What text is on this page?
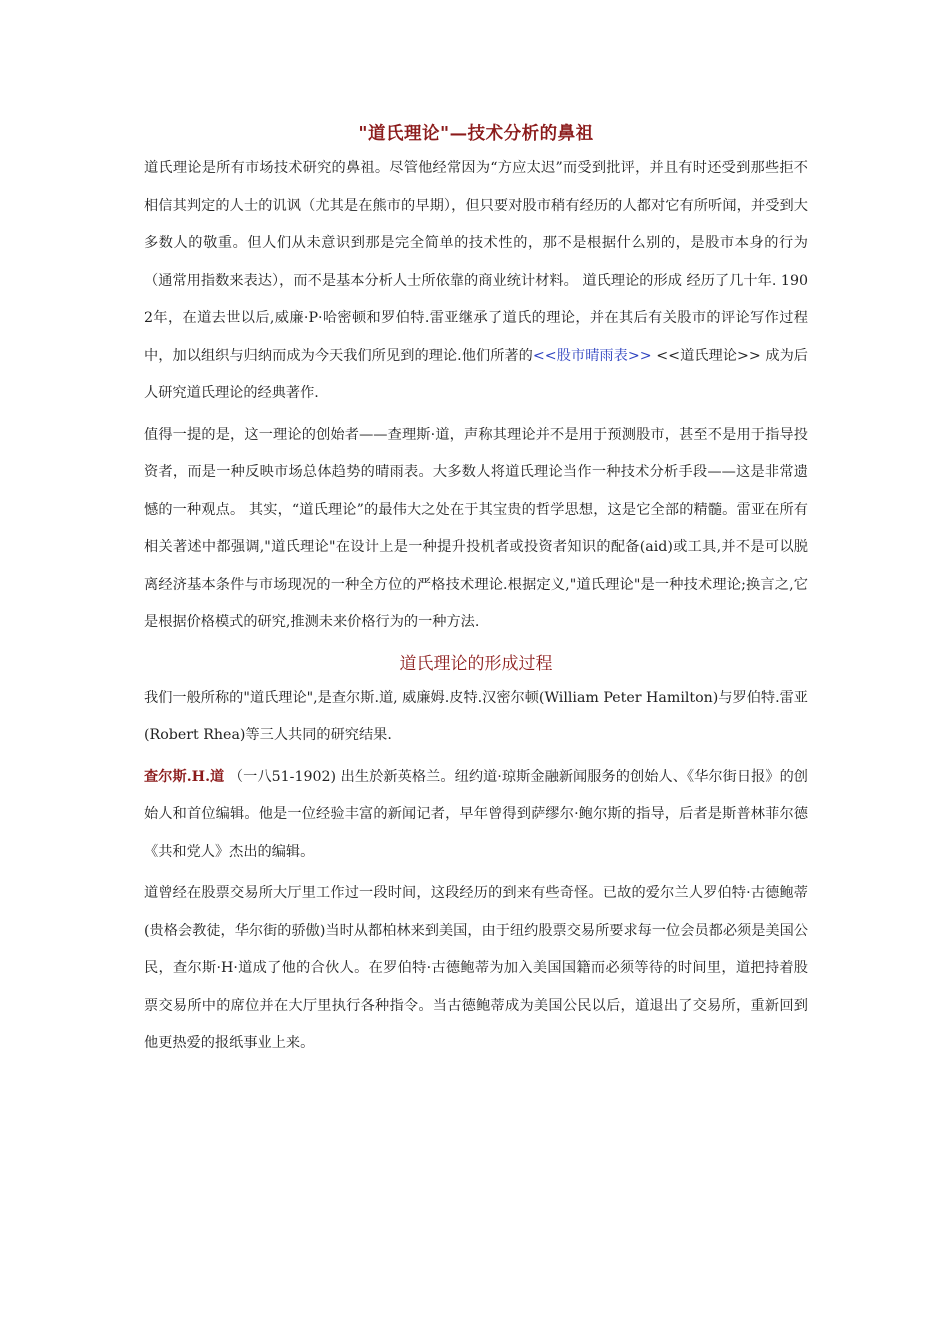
"道氏理论"—技术分析的鼻祖

道氏理论是所有市场技术研究的鼻祖。尽管他经常因为“方应太迟”而受到批评，并且有时还受到那些拒不相信其判定的人士的讥讽（尤其是在熊市的早期），但只要对股市稍有经历的人都对它有所听闻，并受到大多数人的敬重。但人们从未意识到那是完全简单的技术性的，那不是根据什么别的，是股市本身的行为（通常用指数来表达），而不是基本分析人士所依靠的商业统计材料。 道氏理论的形成 经历了几十年. 1902年，在道去世以后,威廉·P·哈密顿和罗伯特.雷亚继承了道氏的理论，并在其后有关股市的评论写作过程中，加以组织与归纳而成为今天我们所见到的理论.他们所著的<<股市晴雨表>> <<道氏理论>> 成为后人研究道氏理论的经典著作.

值得一提的是，这一理论的创始者——查理斯·道，声称其理论并不是用于预测股市，甚至不是用于指导投资者，而是一种反映市场总体趋势的晴雨表。大多数人将道氏理论当作一种技术分析手段——这是非常遗憾的一种观点。 其实，“道氏理论”的最伟大之处在于其宝贵的哲学思想，这是它全部的精髓。雷亚在所有相关著述中都强调,"道氏理论"在设计上是一种提升投机者或投资者知识的配备(aid)或工具,并不是可以脱离经济基本条件与市场现况的一种全方位的严格技术理论.根据定义,"道氏理论"是一种技术理论;换言之,它是根据价格模式的研究,推测未来价格行为的一种方法.

道氏理论的形成过程

我们一般所称的"道氏理论",是查尔斯.道, 威廉姆.皮特.汉密尔顿(William Peter Hamilton)与罗伯特.雷亚(Robert Rhea)等三人共同的研究结果.

查尔斯.H.道 （一八51-1902) 出生於新英格兰。纽约道·琼斯金融新闻服务的创始人、《华尔街日报》的创始人和首位编辑。他是一位经验丰富的新闻记者，早年曾得到萨缪尔·鲍尔斯的指导，后者是斯普林菲尔德《共和党人》杰出的编辑。

道曾经在股票交易所大厅里工作过一段时间，这段经历的到来有些奇怪。已故的爱尔兰人罗伯特·古德鲍蒂(贵格会教徒，华尔街的骄傲)当时从都柏林来到美国，由于纽约股票交易所要求每一位会员都必须是美国公民，查尔斯·H·道成了他的合伙人。在罗伯特·古德鲍蒂为加入美国国籍而必须等待的时间里，道把持着股票交易所中的席位并在大厅里执行各种指令。当古德鲍蒂成为美国公民以后，道退出了交易所，重新回到他更热爱的报纸事业上来。
